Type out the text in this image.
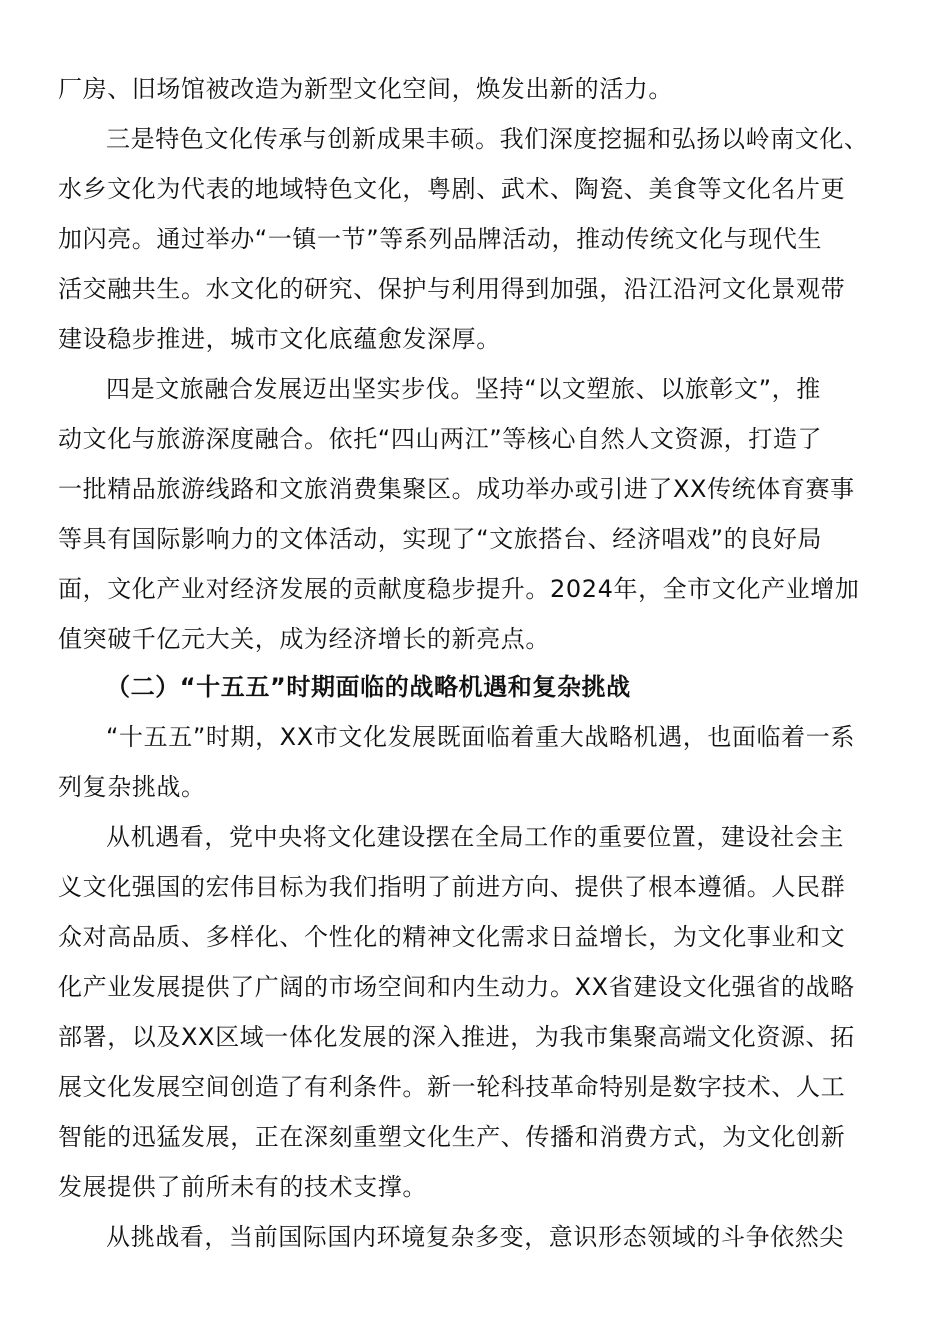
厂房、旧场馆被改造为新型文化空间，焕发出新的活力。
三是特色文化传承与创新成果丰硕。我们深度挖掘和弘扬以岭南文化、
水乡文化为代表的地域特色文化，粤剧、武术、陶瓷、美食等文化名片更
加闪亮。通过举办“一镇一节”等系列品牌活动，推动传统文化与现代生
活交融共生。水文化的研究、保护与利用得到加强，沿江沿河文化景观带
建设稳步推进，城市文化底蕴愈发深厚。
四是文旅融合发展迈出坚实步伐。坚持“以文塑旅、以旅彰文”，推
动文化与旅游深度融合。依托“四山两江”等核心自然人文资源，打造了
一批精品旅游线路和文旅消费集聚区。成功举办或引进了XX传统体育赛事
等具有国际影响力的文体活动，实现了“文旅搭台、经济唱戏”的良好局
面，文化产业对经济发展的贡献度稳步提升。2024年，全市文化产业增加
值突破千亿元大关，成为经济增长的新亮点。
（二）“十五五”时期面临的战略机遇和复杂挑战
“十五五”时期，XX市文化发展既面临着重大战略机遇，也面临着一系
列复杂挑战。
从机遇看，党中央将文化建设摆在全局工作的重要位置，建设社会主
义文化强国的宏伟目标为我们指明了前进方向、提供了根本遵循。人民群
众对高品质、多样化、个性化的精神文化需求日益增长，为文化事业和文
化产业发展提供了广阔的市场空间和内生动力。XX省建设文化强省的战略
部署，以及XX区域一体化发展的深入推进，为我市集聚高端文化资源、拓
展文化发展空间创造了有利条件。新一轮科技革命特别是数字技术、人工
智能的迅猛发展，正在深刻重塑文化生产、传播和消费方式，为文化创新
发展提供了前所未有的技术支撑。
从挑战看，当前国际国内环境复杂多变，意识形态领域的斗争依然尖
